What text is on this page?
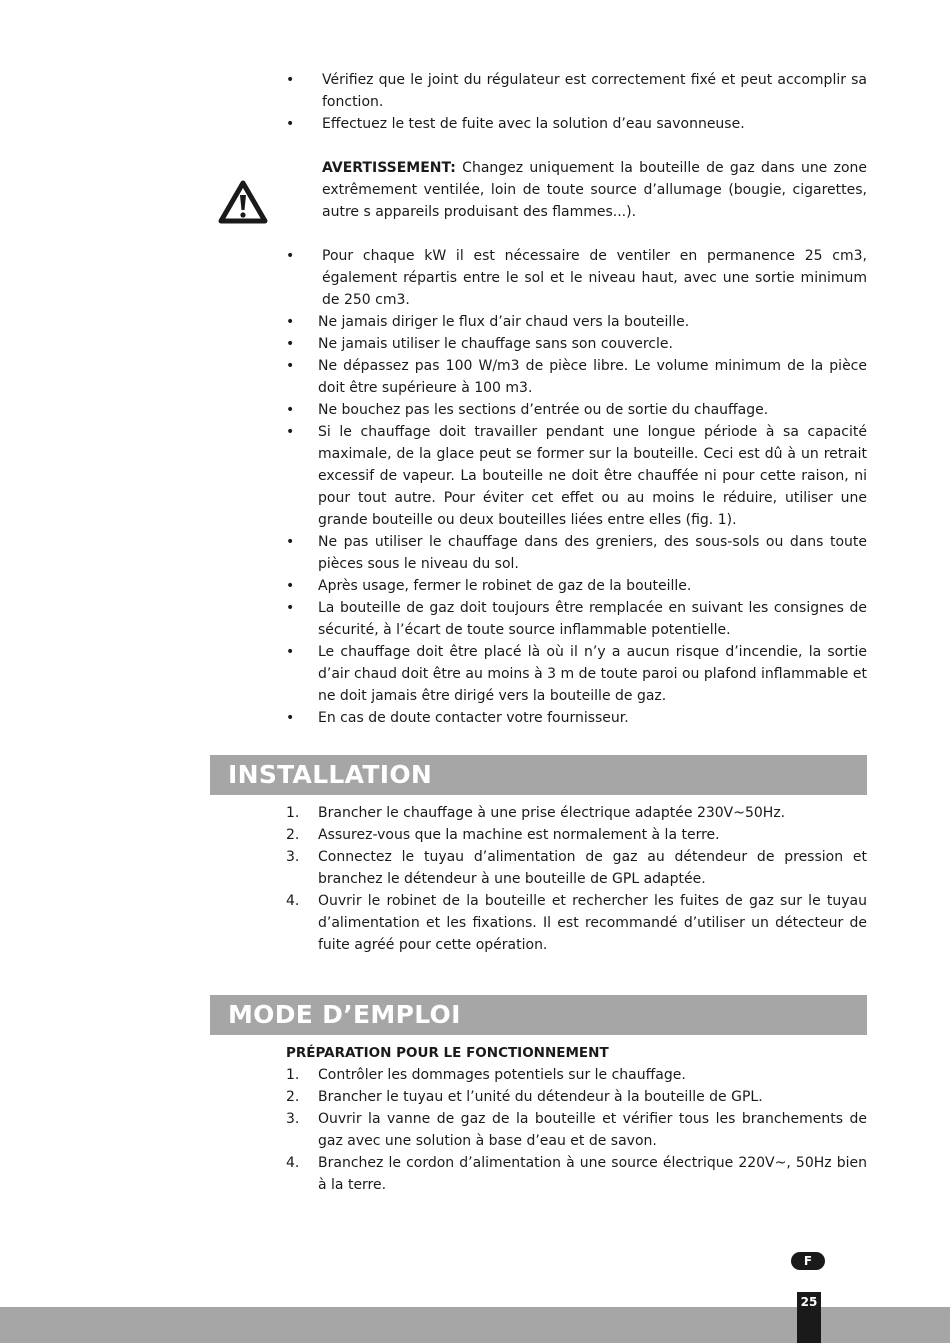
• Vérifiez que le joint du régulateur est correctement fixé et peut accomplir sa fonction.
• Effectuez le test de fuite avec la solution d’eau savonneuse.
AVERTISSEMENT: Changez uniquement la bouteille de gaz dans une zone extrêmement ventilée, loin de toute source d’allumage (bougie, cigarettes, autre s appareils produisant des flammes...).
• Pour chaque kW il est nécessaire de ventiler en permanence 25 cm3, également répartis entre le sol et le niveau haut, avec une sortie minimum de 250 cm3.
• Ne jamais diriger le flux d’air chaud vers la bouteille.
• Ne jamais utiliser le chauffage sans son couvercle.
• Ne dépassez pas 100 W/m3 de pièce libre. Le volume minimum de la pièce doit être supérieure à 100 m3.
• Ne bouchez pas les sections d’entrée ou de sortie du chauffage.
• Si le chauffage doit travailler pendant une longue période à sa capacité maximale, de la glace peut se former sur la bouteille. Ceci est dû à un retrait excessif de vapeur. La bouteille ne doit être chauffée ni pour cette raison, ni pour tout autre. Pour éviter cet effet ou au moins le réduire, utiliser une grande bouteille ou deux bouteilles liées entre elles (fig. 1).
• Ne pas utiliser le chauffage dans des greniers, des sous-sols ou dans toute pièces sous le niveau du sol.
• Après usage, fermer le robinet de gaz de la bouteille.
• La bouteille de gaz doit toujours être remplacée en suivant les consignes de sécurité, à l’écart de toute source inflammable potentielle.
• Le chauffage doit être placé là où il n’y a aucun risque d’incendie, la sortie d’air chaud doit être au moins à 3 m de toute paroi ou plafond inflammable et ne doit jamais être dirigé vers la bouteille de gaz.
• En cas de doute contacter votre fournisseur.
INSTALLATION
1. Brancher le chauffage à une prise électrique adaptée 230V~50Hz.
2. Assurez-vous que la machine est normalement à la terre.
3. Connectez le tuyau d’alimentation de gaz au détendeur de pression et branchez le détendeur à une bouteille de GPL adaptée.
4. Ouvrir le robinet de la bouteille et rechercher les fuites de gaz sur le tuyau d’alimentation et les fixations. Il est recommandé d’utiliser un détecteur de fuite agréé pour cette opération.
MODE D’EMPLOI
PRÉPARATION POUR LE FONCTIONNEMENT
1. Contrôler les dommages potentiels sur le chauffage.
2. Brancher le tuyau et l’unité du détendeur à la bouteille de GPL.
3. Ouvrir la vanne de gaz de la bouteille et vérifier tous les branchements de gaz avec une solution à base d’eau et de savon.
4. Branchez le cordon d’alimentation à une source électrique 220V~, 50Hz bien à la terre.
F
25
